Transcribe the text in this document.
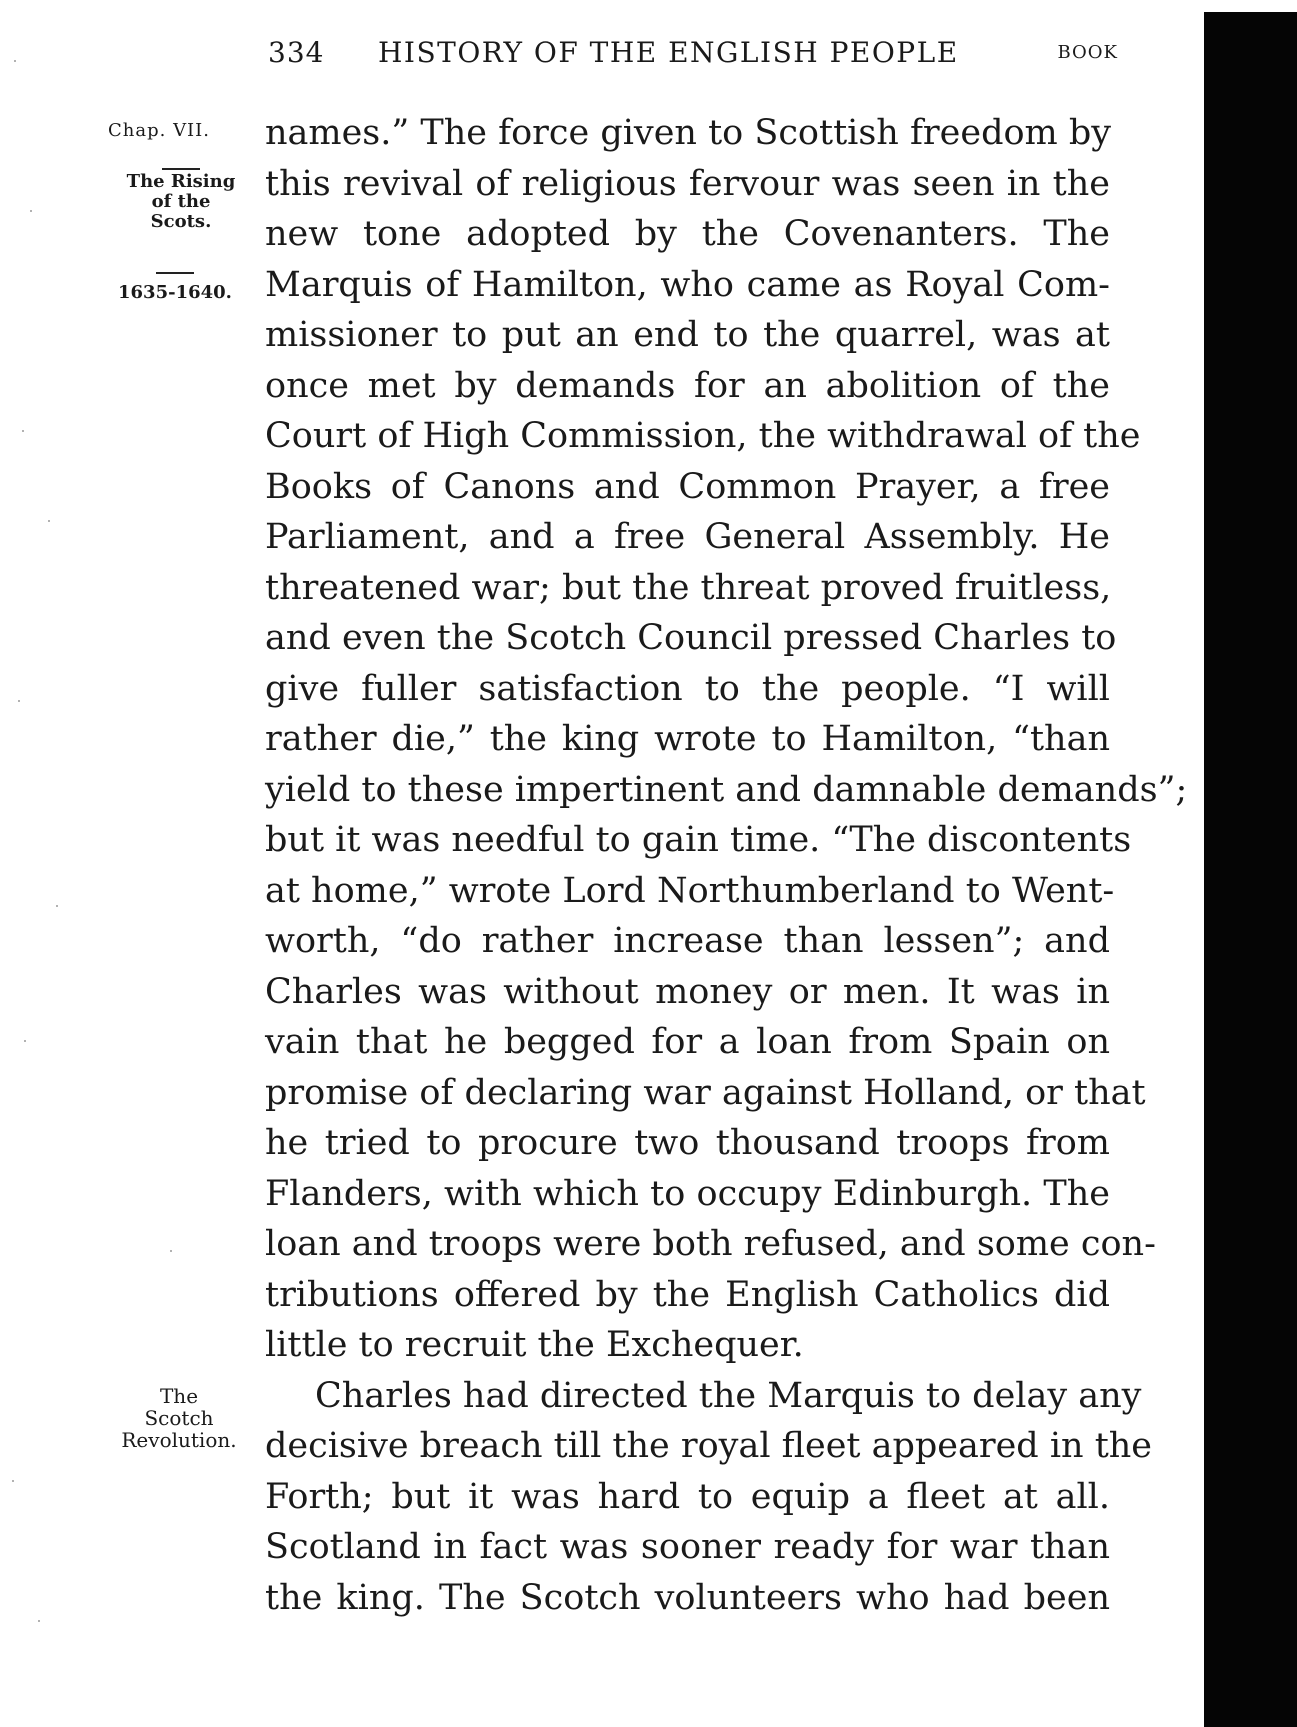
334 HISTORY OF THE ENGLISH PEOPLE	BOOK
Chap. VII.
The Rising
of the
Scots.
1635-1640.
The
Scotch
Revolution.
names.” The force given to Scottish freedom by
this revival of religious fervour was seen in the
new tone adopted by the Covenanters. The
Marquis of Hamilton, who came as Royal Com-
missioner to put an end to the quarrel, was at
once met by demands for an abolition of the
Court of High Commission, the withdrawal of the
Books of Canons and Common Prayer, a free
Parliament, and a free General Assembly. He
threatened war; but the threat proved fruitless,
and even the Scotch Council pressed Charles to
give fuller satisfaction to the people. “I will
rather die,” the king wrote to Hamilton, “than
yield to these impertinent and damnable demands”;
but it was needful to gain time. “The discontents
at home,” wrote Lord Northumberland to Went-
worth, “do rather increase than lessen”; and
Charles was without money or men. It was in
vain that he begged for a loan from Spain on
promise of declaring war against Holland, or that
he tried to procure two thousand troops from
Flanders, with which to occupy Edinburgh. The
loan and troops were both refused, and some con-
tributions offered by the English Catholics did
little to recruit the Exchequer.
Charles had directed the Marquis to delay any
decisive breach till the royal fleet appeared in the
Forth; but it was hard to equip a fleet at all.
Scotland in fact was sooner ready for war than
the king. The Scotch volunteers who had been
